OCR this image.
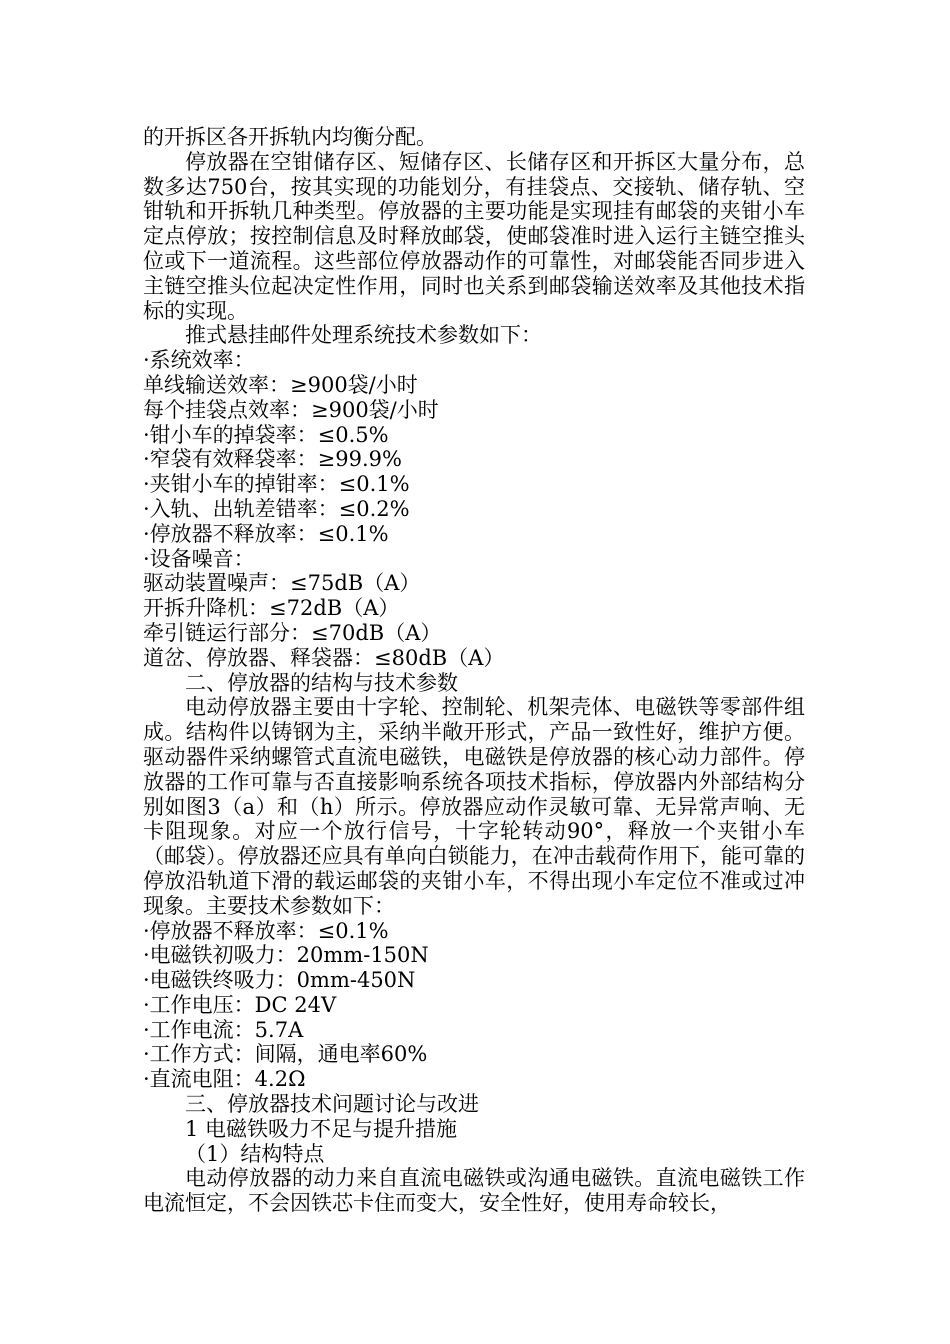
的开拆区各开拆轨内均衡分配。

停放器在空钳储存区、短储存区、长储存区和开拆区大量分布，总数多达750台，按其实现的功能划分，有挂袋点、交接轨、储存轨、空钳轨和开拆轨几种类型。停放器的主要功能是实现挂有邮袋的夹钳小车定点停放；按控制信息及时释放邮袋，使邮袋准时进入运行主链空推头位或下一道流程。这些部位停放器动作的可靠性，对邮袋能否同步进入主链空推头位起决定性作用，同时也关系到邮袋输送效率及其他技术指标的实现。

推式悬挂邮件处理系统技术参数如下：

·系统效率：

单线输送效率：≥900袋/小时

每个挂袋点效率：≥900袋/小时

·钳小车的掉袋率：≤0.5%

·窄袋有效释袋率：≥99.9%

·夹钳小车的掉钳率：≤0.1%

·入轨、出轨差错率：≤0.2%

·停放器不释放率：≤0.1%

·设备噪音：

驱动装置噪声：≤75dB（A）

开拆升降机：≤72dB（A）

牵引链运行部分：≤70dB（A）

道岔、停放器、释袋器：≤80dB（A）

二、停放器的结构与技术参数

电动停放器主要由十字轮、控制轮、机架壳体、电磁铁等零部件组成。结构件以铸钢为主，采纳半敞开形式，产品一致性好，维护方便。驱动器件采纳螺管式直流电磁铁，电磁铁是停放器的核心动力部件。停放器的工作可靠与否直接影响系统各项技术指标，停放器内外部结构分别如图3（a）和（h）所示。停放器应动作灵敏可靠、无异常声响、无卡阻现象。对应一个放行信号，十字轮转动90°，释放一个夹钳小车（邮袋）。停放器还应具有单向白锁能力，在冲击载荷作用下，能可靠的停放沿轨道下滑的载运邮袋的夹钳小车，不得出现小车定位不准或过冲现象。主要技术参数如下：

·停放器不释放率：≤0.1%

·电磁铁初吸力：20mm-150N

·电磁铁终吸力：0mm-450N

·工作电压：DC 24V

·工作电流：5.7A

·工作方式：间隔，通电率60%

·直流电阻：4.2Ω

三、停放器技术问题讨论与改进

1 电磁铁吸力不足与提升措施

（1）结构特点

电动停放器的动力来自直流电磁铁或沟通电磁铁。直流电磁铁工作电流恒定，不会因铁芯卡住而变大，安全性好，使用寿命较长，
